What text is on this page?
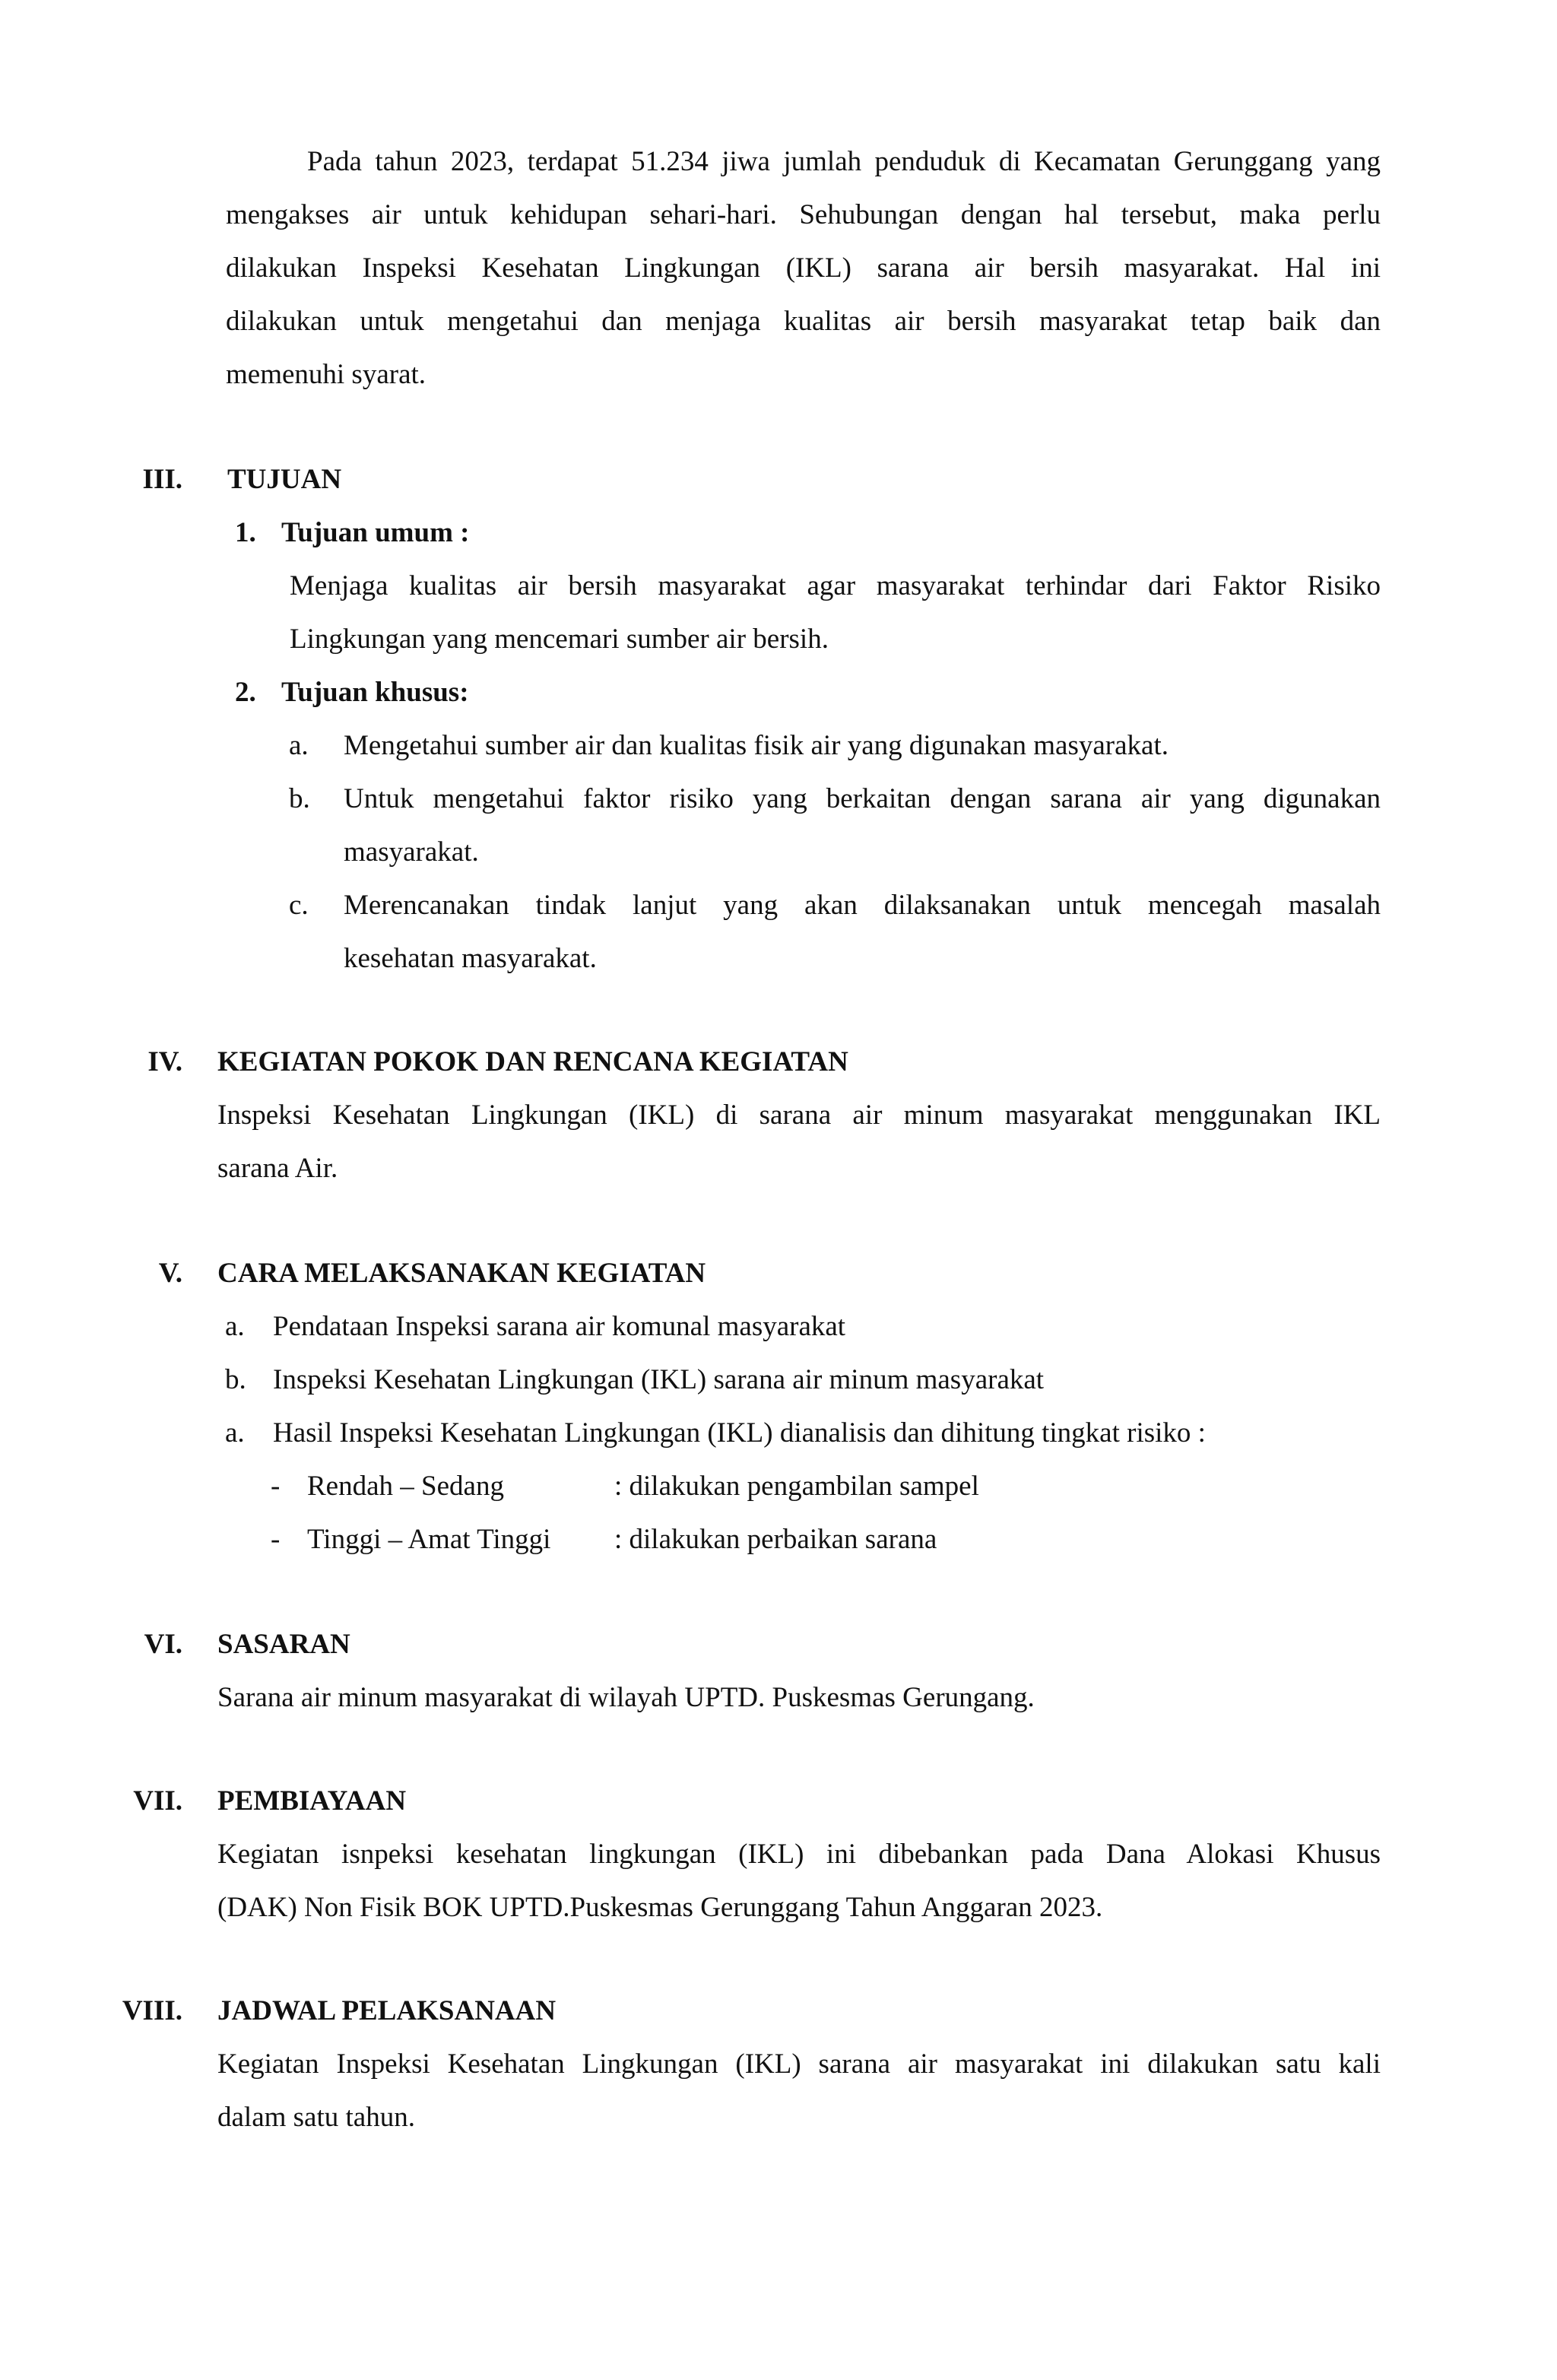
Pada tahun 2023, terdapat 51.234 jiwa jumlah penduduk di Kecamatan Gerunggang yang
mengakses air untuk kehidupan sehari-hari. Sehubungan dengan hal tersebut, maka perlu
dilakukan Inspeksi Kesehatan Lingkungan (IKL) sarana air bersih masyarakat. Hal ini
dilakukan untuk mengetahui dan menjaga kualitas air bersih masyarakat tetap baik dan
memenuhi syarat.
III. TUJUAN
1. Tujuan umum :
Menjaga kualitas air bersih masyarakat agar masyarakat terhindar dari Faktor Risiko
Lingkungan yang mencemari sumber air bersih.
2. Tujuan khusus:
a. Mengetahui sumber air dan kualitas fisik air yang digunakan masyarakat.
b. Untuk mengetahui faktor risiko yang berkaitan dengan sarana air yang digunakan
masyarakat.
c. Merencanakan tindak lanjut yang akan dilaksanakan untuk mencegah masalah
kesehatan masyarakat.
IV. KEGIATAN POKOK DAN RENCANA KEGIATAN
Inspeksi Kesehatan Lingkungan (IKL) di sarana air minum masyarakat menggunakan IKL
sarana Air.
V. CARA MELAKSANAKAN KEGIATAN
a. Pendataan Inspeksi sarana air komunal masyarakat
b. Inspeksi Kesehatan Lingkungan (IKL) sarana air minum masyarakat
a. Hasil Inspeksi Kesehatan Lingkungan (IKL) dianalisis dan dihitung tingkat risiko :
- Rendah – Sedang	: dilakukan pengambilan sampel
- Tinggi – Amat Tinggi : dilakukan perbaikan sarana
VI. SASARAN
Sarana air minum masyarakat di wilayah UPTD. Puskesmas Gerungang.
VII. PEMBIAYAAN
Kegiatan isnpeksi kesehatan lingkungan (IKL) ini dibebankan pada Dana Alokasi Khusus
(DAK) Non Fisik BOK UPTD.Puskesmas Gerunggang Tahun Anggaran 2023.
VIII. JADWAL PELAKSANAAN
Kegiatan Inspeksi Kesehatan Lingkungan (IKL) sarana air masyarakat ini dilakukan satu kali
dalam satu tahun.
